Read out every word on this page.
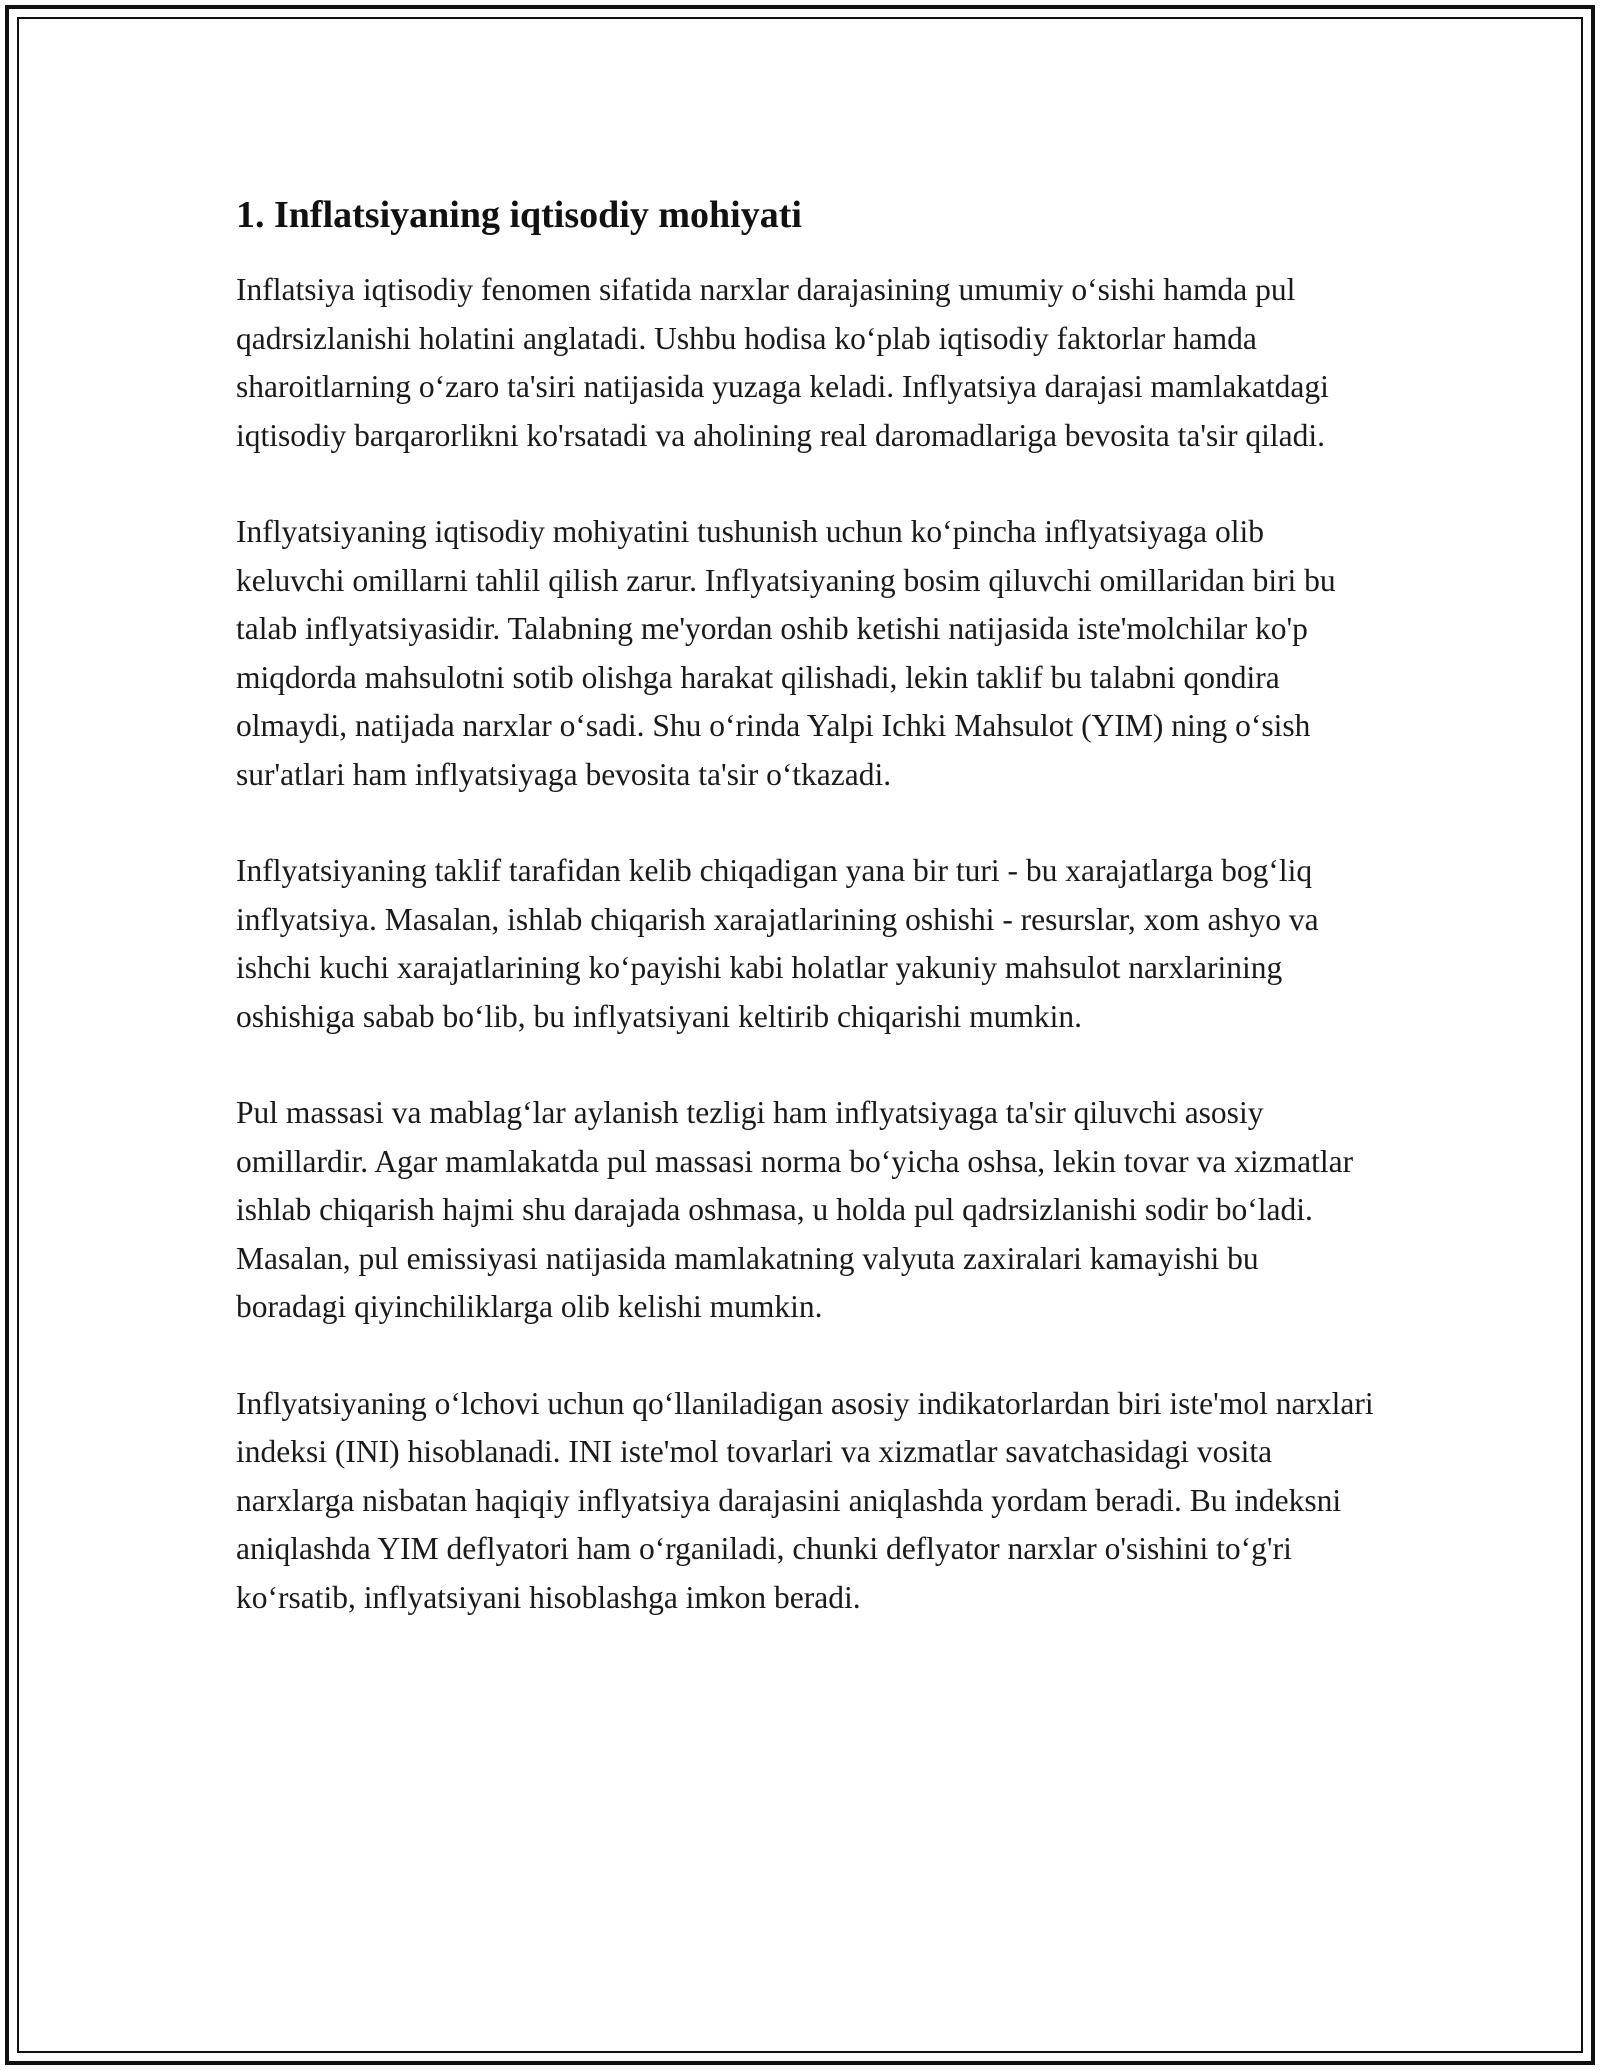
1. Inflatsiyaning iqtisodiy mohiyati

Inflatsiya iqtisodiy fenomen sifatida narxlar darajasining umumiy o‘sishi hamda pul qadrsizlanishi holatini anglatadi. Ushbu hodisa ko‘plab iqtisodiy faktorlar hamda sharoitlarning o‘zaro ta'siri natijasida yuzaga keladi. Inflyatsiya darajasi mamlakatdagi iqtisodiy barqarorlikni ko'rsatadi va aholining real daromadlariga bevosita ta'sir qiladi.

Inflyatsiyaning iqtisodiy mohiyatini tushunish uchun ko‘pincha inflyatsiyaga olib keluvchi omillarni tahlil qilish zarur. Inflyatsiyaning bosim qiluvchi omillaridan biri bu talab inflyatsiyasidir. Talabning me'yordan oshib ketishi natijasida iste'molchilar ko'p miqdorda mahsulotni sotib olishga harakat qilishadi, lekin taklif bu talabni qondira olmaydi, natijada narxlar o‘sadi. Shu o‘rinda Yalpi Ichki Mahsulot (YIM) ning o‘sish sur'atlari ham inflyatsiyaga bevosita ta'sir o‘tkazadi.

Inflyatsiyaning taklif tarafidan kelib chiqadigan yana bir turi - bu xarajatlarga bog‘liq inflyatsiya. Masalan, ishlab chiqarish xarajatlarining oshishi - resurslar, xom ashyo va ishchi kuchi xarajatlarining ko‘payishi kabi holatlar yakuniy mahsulot narxlarining oshishiga sabab bo‘lib, bu inflyatsiyani keltirib chiqarishi mumkin.

Pul massasi va mablag‘lar aylanish tezligi ham inflyatsiyaga ta'sir qiluvchi asosiy omillardir. Agar mamlakatda pul massasi norma bo‘yicha oshsa, lekin tovar va xizmatlar ishlab chiqarish hajmi shu darajada oshmasa, u holda pul qadrsizlanishi sodir bo‘ladi. Masalan, pul emissiyasi natijasida mamlakatning valyuta zaxiralari kamayishi bu boradagi qiyinchiliklarga olib kelishi mumkin.

Inflyatsiyaning o‘lchovi uchun qo‘llaniladigan asosiy indikatorlardan biri iste'mol narxlari indeksi (INI) hisoblanadi. INI iste'mol tovarlari va xizmatlar savatchasidagi vosita narxlarga nisbatan haqiqiy inflyatsiya darajasini aniqlashda yordam beradi. Bu indeksni aniqlashda YIM deflyatori ham o‘rganiladi, chunki deflyator narxlar o'sishini to‘g'ri ko‘rsatib, inflyatsiyani hisoblashga imkon beradi.
